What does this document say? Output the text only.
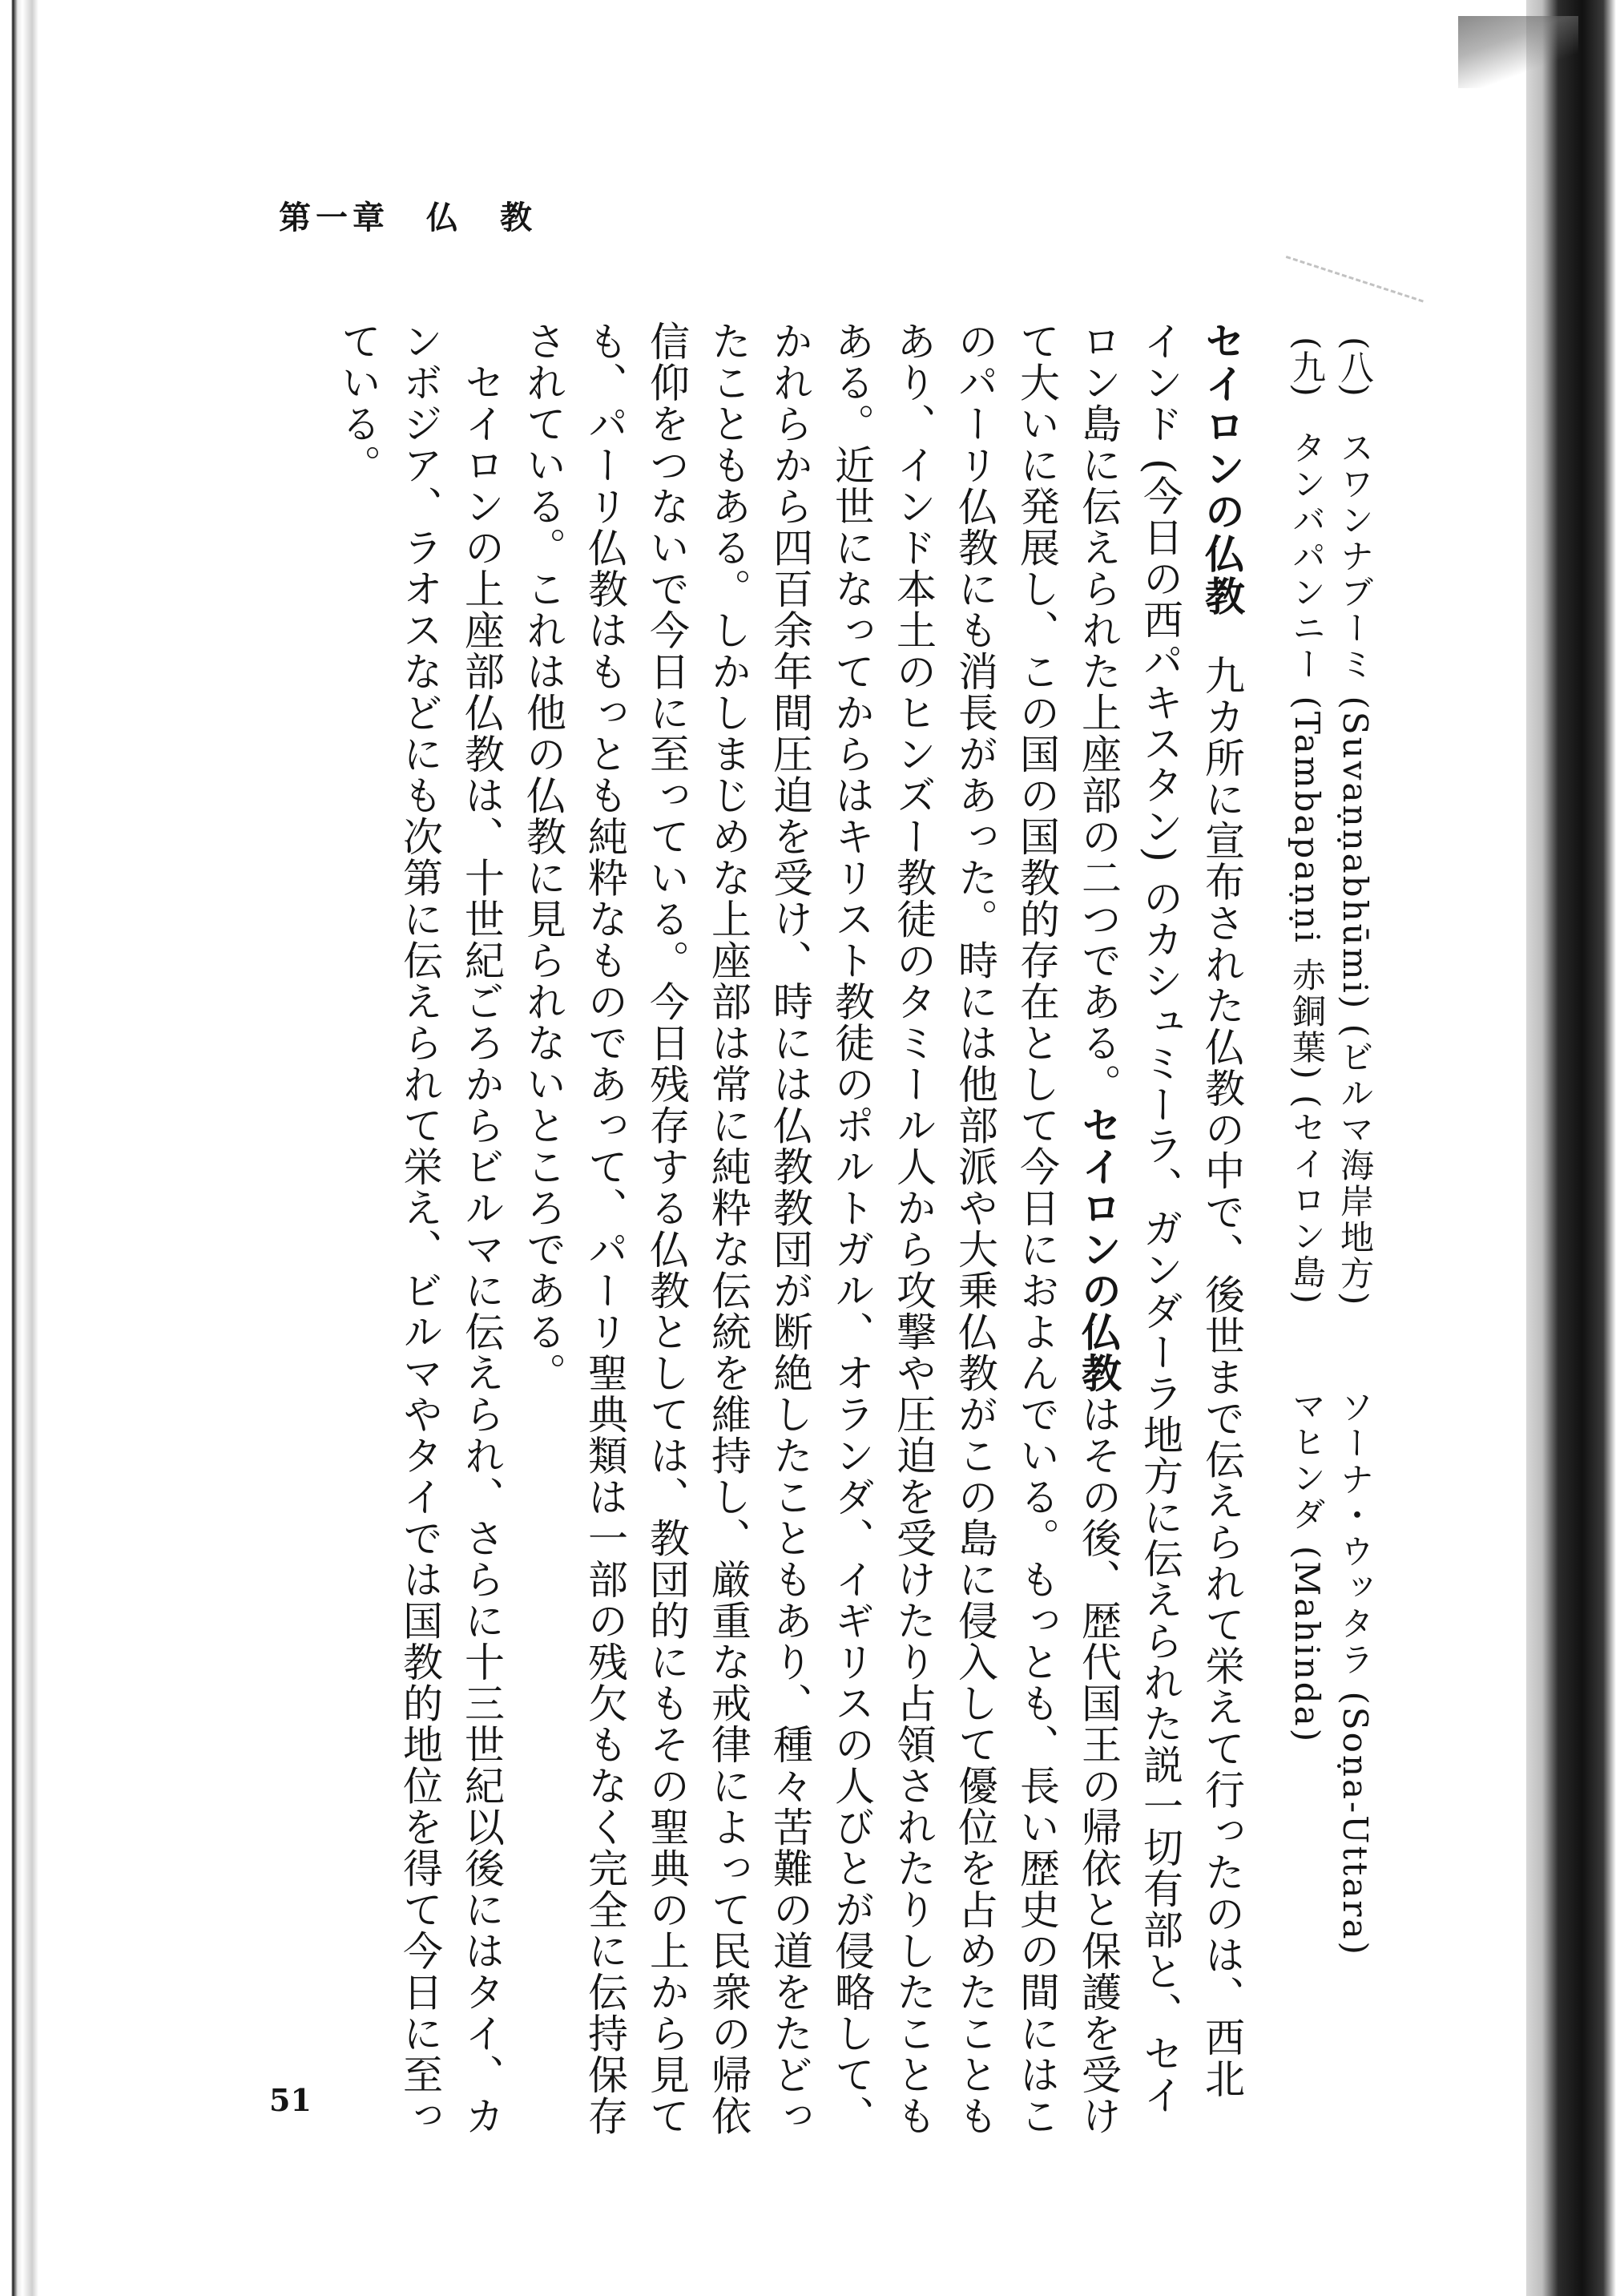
第一章　仏　教
(八) スワンナブーミ (Suvaṇṇabhūmi) (ビルマ海岸地方)  ソーナ・ウッタラ (Soṇa-Uttara)
(九) タンバパンニー (Tambapaṇṇi 赤銅葉) (セイロン島)  マヒンダ (Mahinda)
セイロンの仏教九カ所に宣布された仏教の中で、後世まで伝えられて栄えて行ったのは、西北
インド (今日の西パキスタン) のカシュミーラ、ガンダーラ地方に伝えられた説一切有部と、セイ
ロン島に伝えられた上座部の二つである。セイロンの仏教はその後、歴代国王の帰依と保護を受け
て大いに発展し、この国の国教的存在として今日におよんでいる。もっとも、長い歴史の間にはこ
のパーリ仏教にも消長があった。時には他部派や大乗仏教がこの島に侵入して優位を占めたことも
あり、インド本土のヒンズー教徒のタミール人から攻撃や圧迫を受けたり占領されたりしたことも
ある。近世になってからはキリスト教徒のポルトガル、オランダ、イギリスの人びとが侵略して、
かれらから四百余年間圧迫を受け、時には仏教教団が断絶したこともあり、種々苦難の道をたどっ
たこともある。しかしまじめな上座部は常に純粋な伝統を維持し、厳重な戒律によって民衆の帰依
信仰をつないで今日に至っている。今日残存する仏教としては、教団的にもその聖典の上から見て
も、パーリ仏教はもっとも純粋なものであって、パーリ聖典類は一部の残欠もなく完全に伝持保存
されている。これは他の仏教に見られないところである。
　セイロンの上座部仏教は、十世紀ごろからビルマに伝えられ、さらに十三世紀以後にはタイ、カ
ンボジア、ラオスなどにも次第に伝えられて栄え、ビルマやタイでは国教的地位を得て今日に至っ
ている。
51
